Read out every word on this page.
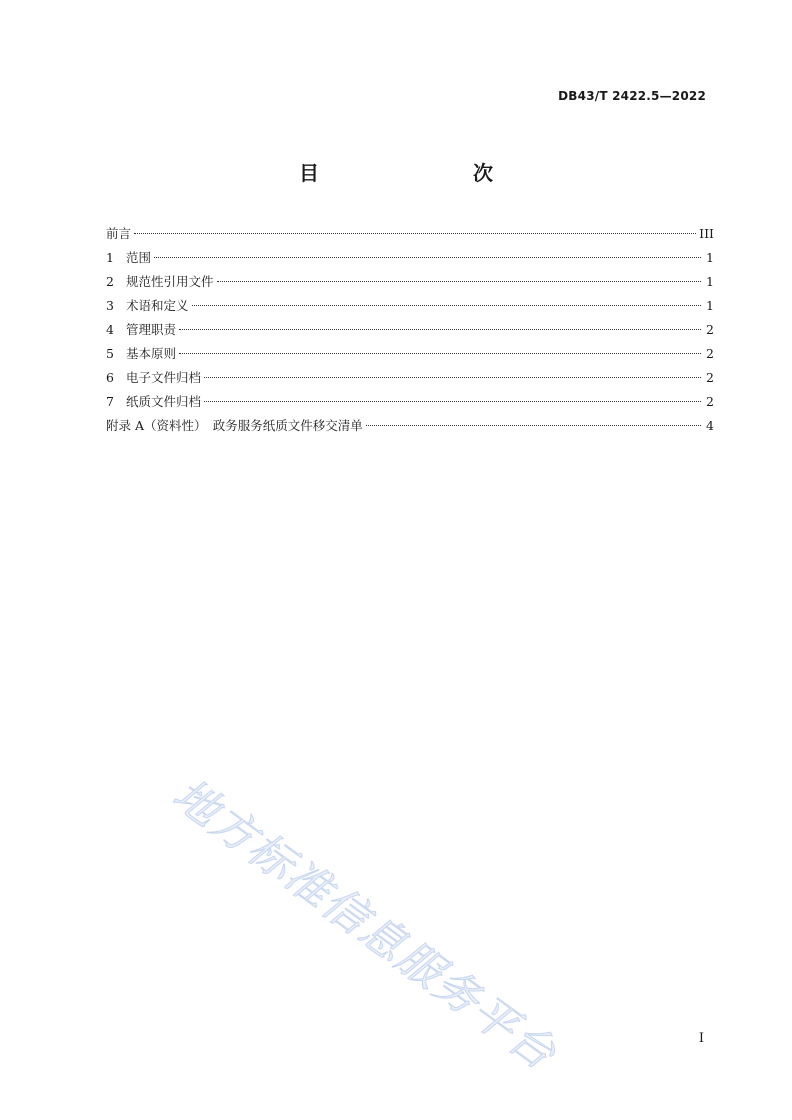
DB43/T 2422.5—2022
目　　次
前言	III
1 范围	1
2 规范性引用文件	1
3 术语和定义	1
4 管理职责	2
5 基本原则	2
6 电子文件归档	2
7 纸质文件归档	2
附录 A（资料性）　政务服务纸质文件移交清单	4
地方标准信息服务平台	I
